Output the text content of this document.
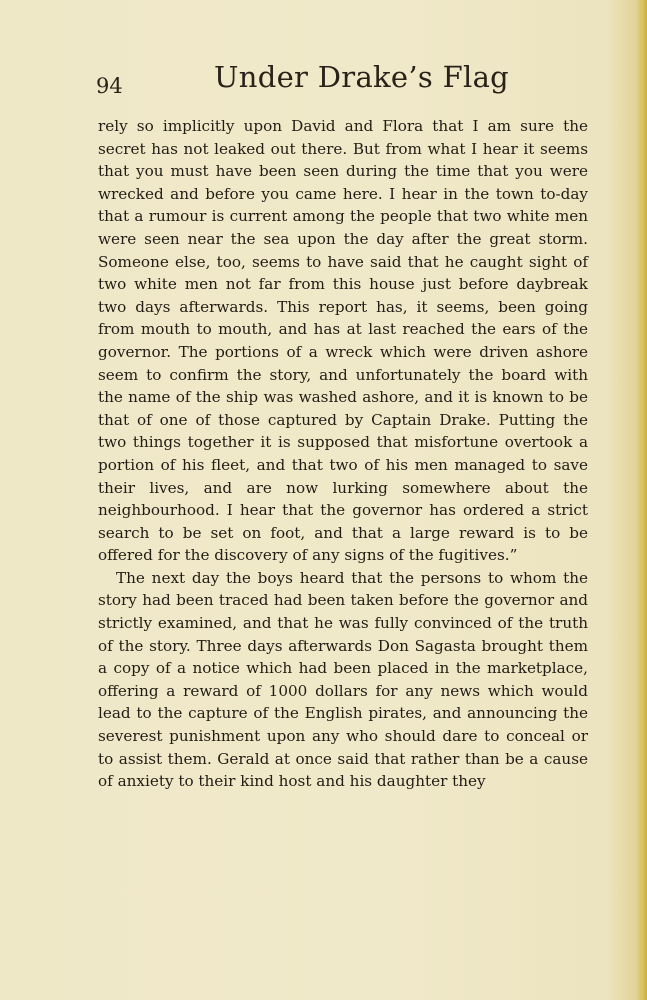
94	Under Drake’s Flag

rely so implicitly upon David and Flora that I am sure the secret has not leaked out there. But from what I hear it seems that you must have been seen during the time that you were wrecked and before you came here. I hear in the town to-day that a rumour is current among the people that two white men were seen near the sea upon the day after the great storm. Someone else, too, seems to have said that he caught sight of two white men not far from this house just before daybreak two days afterwards. This report has, it seems, been going from mouth to mouth, and has at last reached the ears of the governor. The portions of a wreck which were driven ashore seem to confirm the story, and unfortunately the board with the name of the ship was washed ashore, and it is known to be that of one of those captured by Captain Drake. Putting the two things together it is supposed that misfortune overtook a portion of his fleet, and that two of his men managed to save their lives, and are now lurking somewhere about the neighbourhood. I hear that the governor has ordered a strict search to be set on foot, and that a large reward is to be offered for the discovery of any signs of the fugitives.”

The next day the boys heard that the persons to whom the story had been traced had been taken before the governor and strictly examined, and that he was fully convinced of the truth of the story. Three days afterwards Don Sagasta brought them a copy of a notice which had been placed in the marketplace, offering a reward of 1000 dollars for any news which would lead to the capture of the English pirates, and announcing the severest punishment upon any who should dare to conceal or to assist them. Gerald at once said that rather than be a cause of anxiety to their kind host and his daughter they
